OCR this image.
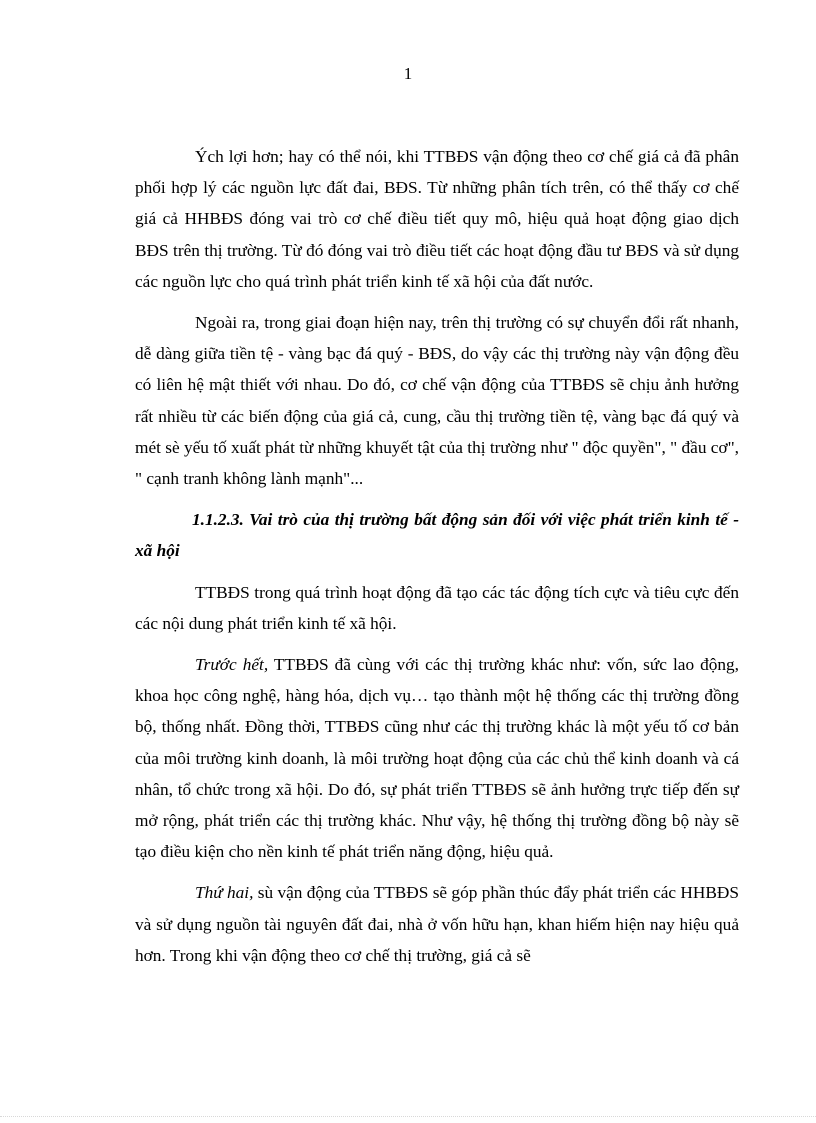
1

Ých lợi hơn; hay có thể nói, khi TTBĐS vận động theo cơ chế giá cả đã phân phối hợp lý các nguồn lực đất đai, BĐS. Từ những phân tích trên, có thể thấy cơ chế giá cả HHBĐS đóng vai trò cơ chế điều tiết quy mô, hiệu quả hoạt động giao dịch BĐS trên thị trường. Từ đó đóng vai trò điều tiết các hoạt động đầu tư BĐS và sử dụng các nguồn lực cho quá trình phát triển kinh tế xã hội của đất nước.

Ngoài ra, trong giai đoạn hiện nay, trên thị trường có sự chuyển đổi rất nhanh, dễ dàng giữa tiền tệ - vàng bạc đá quý - BĐS, do vậy các thị trường này vận động đều có liên hệ mật thiết với nhau. Do đó, cơ chế vận động của TTBĐS sẽ chịu ảnh hưởng rất nhiều từ các biến động của giá cả, cung, cầu thị trường tiền tệ, vàng bạc đá quý và mét sè yếu tố xuất phát từ những khuyết tật của thị trường như " độc quyền", " đầu cơ", " cạnh tranh không lành mạnh"...

1.1.2.3. Vai trò của thị trường bất động sản đối với việc phát triển kinh tế - xã hội

TTBĐS trong quá trình hoạt động đã tạo các tác động tích cực và tiêu cực đến các nội dung phát triển kinh tế xã hội.

Trước hết, TTBĐS đã cùng với các thị trường khác như: vốn, sức lao động, khoa học công nghệ, hàng hóa, dịch vụ… tạo thành một hệ thống các thị trường đồng bộ, thống nhất. Đồng thời, TTBĐS cũng như các thị trường khác là một yếu tố cơ bản của môi trường kinh doanh, là môi trường hoạt động của các chủ thể kinh doanh và cá nhân, tổ chức trong xã hội. Do đó, sự phát triển TTBĐS sẽ ảnh hưởng trực tiếp đến sự mở rộng, phát triển các thị trường khác. Như vậy, hệ thống thị trường đồng bộ này sẽ tạo điều kiện cho nền kinh tế phát triển năng động, hiệu quả.

Thứ hai, sù vận động của TTBĐS sẽ góp phần thúc đẩy phát triển các HHBĐS và sử dụng nguồn tài nguyên đất đai, nhà ở vốn hữu hạn, khan hiếm hiện nay hiệu quả hơn. Trong khi vận động theo cơ chế thị trường, giá cả sẽ
